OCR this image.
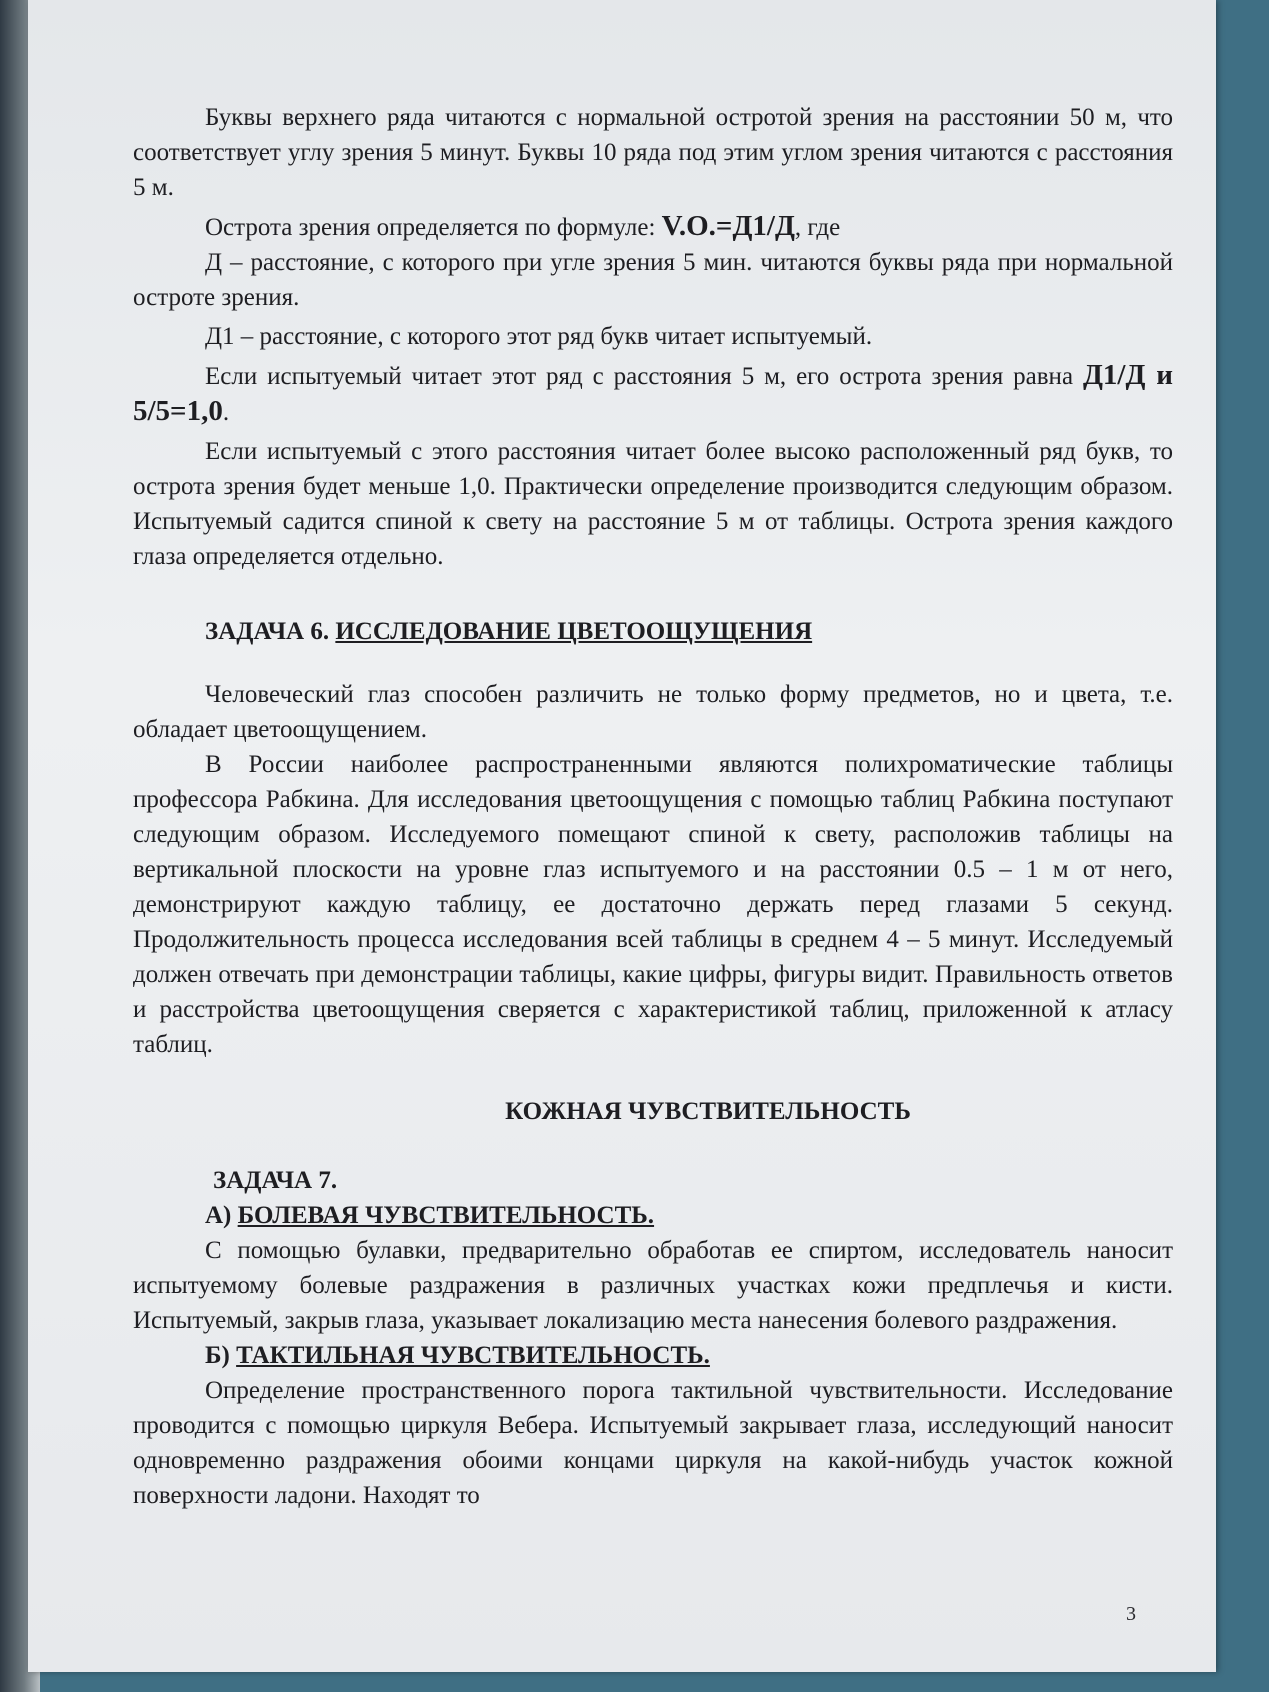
Буквы верхнего ряда читаются с нормальной остротой зрения на расстоянии 50 м, что соответствует углу зрения 5 минут. Буквы 10 ряда под этим углом зрения читаются с расстояния 5 м.

Острота зрения определяется по формуле: V.O.=Д1/Д, где

Д – расстояние, с которого при угле зрения 5 мин. читаются буквы ряда при нормальной остроте зрения.

Д1 – расстояние, с которого этот ряд букв читает испытуемый.

Если испытуемый читает этот ряд с расстояния 5 м, его острота зрения равна Д1/Д и 5/5=1,0.

Если испытуемый с этого расстояния читает более высоко расположенный ряд букв, то острота зрения будет меньше 1,0. Практически определение производится следующим образом. Испытуемый садится спиной к свету на расстояние 5 м от таблицы. Острота зрения каждого глаза определяется отдельно.

ЗАДАЧА 6. ИССЛЕДОВАНИЕ ЦВЕТООЩУЩЕНИЯ

Человеческий глаз способен различить не только форму предметов, но и цвета, т.е. обладает цветоощущением.

В России наиболее распространенными являются полихроматические таблицы профессора Рабкина. Для исследования цветоощущения с помощью таблиц Рабкина поступают следующим образом. Исследуемого помещают спиной к свету, расположив таблицы на вертикальной плоскости на уровне глаз испытуемого и на расстоянии 0.5 – 1 м от него, демонстрируют каждую таблицу, ее достаточно держать перед глазами 5 секунд. Продолжительность процесса исследования всей таблицы в среднем 4 – 5 минут. Исследуемый должен отвечать при демонстрации таблицы, какие цифры, фигуры видит. Правильность ответов и расстройства цветоощущения сверяется с характеристикой таблиц, приложенной к атласу таблиц.

КОЖНАЯ ЧУВСТВИТЕЛЬНОСТЬ

ЗАДАЧА 7.

А) БОЛЕВАЯ ЧУВСТВИТЕЛЬНОСТЬ.

С помощью булавки, предварительно обработав ее спиртом, исследователь наносит испытуемому болевые раздражения в различных участках кожи предплечья и кисти. Испытуемый, закрыв глаза, указывает локализацию места нанесения болевого раздражения.

Б) ТАКТИЛЬНАЯ ЧУВСТВИТЕЛЬНОСТЬ.

Определение пространственного порога тактильной чувствительности. Исследование проводится с помощью циркуля Вебера. Испытуемый закрывает глаза, исследующий наносит одновременно раздражения обоими концами циркуля на какой-нибудь участок кожной поверхности ладони. Находят то

3
